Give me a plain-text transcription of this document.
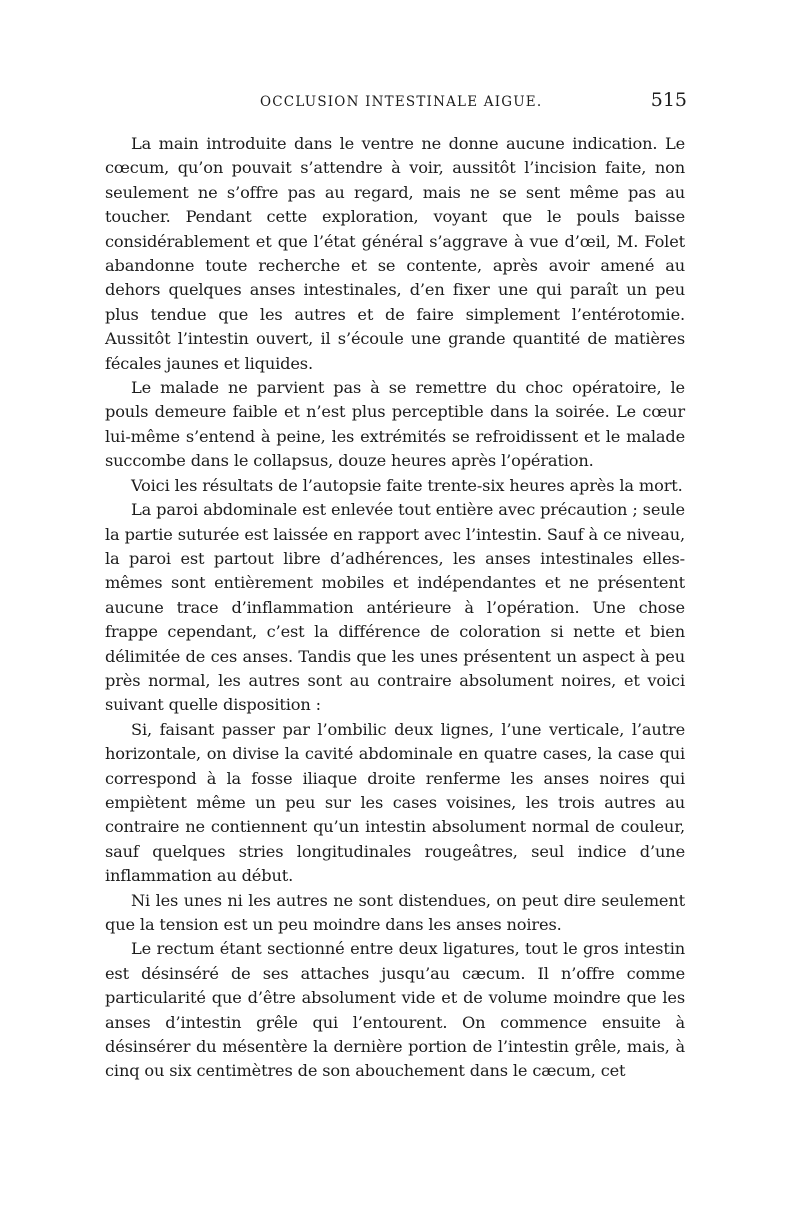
OCCLUSION INTESTINALE AIGUE.	515

La main introduite dans le ventre ne donne aucune indication. Le cœcum, qu’on pouvait s’attendre à voir, aussitôt l’incision faite, non seulement ne s’offre pas au regard, mais ne se sent même pas au toucher. Pendant cette exploration, voyant que le pouls baisse considérablement et que l’état général s’aggrave à vue d’œil, M. Folet abandonne toute recherche et se contente, après avoir amené au dehors quelques anses intestinales, d’en fixer une qui paraît un peu plus tendue que les autres et de faire simplement l’entérotomie. Aussitôt l’intestin ouvert, il s’écoule une grande quantité de matières fécales jaunes et liquides.

Le malade ne parvient pas à se remettre du choc opératoire, le pouls demeure faible et n’est plus perceptible dans la soirée. Le cœur lui-même s’entend à peine, les extrémités se refroidissent et le malade succombe dans le collapsus, douze heures après l’opération.

Voici les résultats de l’autopsie faite trente-six heures après la mort.

La paroi abdominale est enlevée tout entière avec précaution ; seule la partie suturée est laissée en rapport avec l’intestin. Sauf à ce niveau, la paroi est partout libre d’adhérences, les anses intestinales elles-mêmes sont entièrement mobiles et indépendantes et ne présentent aucune trace d’inflammation antérieure à l’opération. Une chose frappe cependant, c’est la différence de coloration si nette et bien délimitée de ces anses. Tandis que les unes présentent un aspect à peu près normal, les autres sont au contraire absolument noires, et voici suivant quelle disposition :

Si, faisant passer par l’ombilic deux lignes, l’une verticale, l’autre horizontale, on divise la cavité abdominale en quatre cases, la case qui correspond à la fosse iliaque droite renferme les anses noires qui empiètent même un peu sur les cases voisines, les trois autres au contraire ne contiennent qu’un intestin absolument normal de couleur, sauf quelques stries longitudinales rougeâtres, seul indice d’une inflammation au début.

Ni les unes ni les autres ne sont distendues, on peut dire seulement que la tension est un peu moindre dans les anses noires.

Le rectum étant sectionné entre deux ligatures, tout le gros intestin est désinséré de ses attaches jusqu’au cæcum. Il n’offre comme particularité que d’être absolument vide et de volume moindre que les anses d’intestin grêle qui l’entourent. On commence ensuite à désinsérer du mésentère la dernière portion de l’intestin grêle, mais, à cinq ou six centimètres de son abouchement dans le cæcum, cet
